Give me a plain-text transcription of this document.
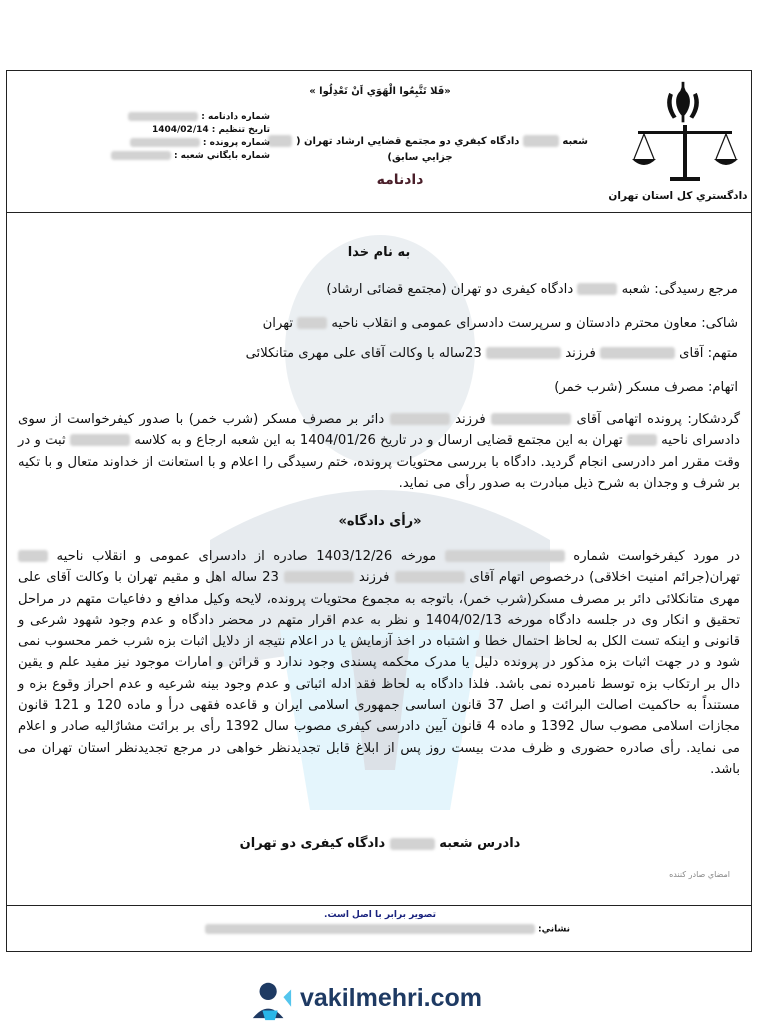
«فَلا تَتَّبِعُوا الْهَوَي اَنْ تَعْدِلُوا »
دادگستري کل استان تهران
شعبه  دادگاه کيفري دو مجتمع قضايي ارشاد تهران (
جزايي سابق)
دادنامه
شماره دادنامه :
تاريخ تنظيم : 1404/02/14
شماره پرونده :
شماره بايگاني شعبه :
به نام خدا
مرجع رسیدگی: شعبه  دادگاه کیفری دو تهران (مجتمع قضائی ارشاد)
شاکی: معاون محترم دادستان و سرپرست دادسرای عمومی و انقلاب ناحیه  تهران
متهم: آقای  فرزند  23ساله با وکالت آقای علی مهری متانکلائی
اتهام: مصرف مسکر (شرب خمر)
گردشکار: پرونده اتهامی آقای  فرزند  دائر بر مصرف مسکر (شرب خمر) با صدور کیفرخواست از سوی دادسرای ناحیه  تهران به این مجتمع قضایی ارسال و در تاریخ 1404/01/26 به این شعبه ارجاع و به کلاسه  ثبت و در وقت مقرر امر دادرسی انجام گردید. دادگاه با بررسی محتویات پرونده، ختم رسیدگی را اعلام و با استعانت از خداوند متعال و با تکیه بر شرف و وجدان به شرح ذیل مبادرت به صدور رأی می نماید.
«رأی دادگاه»
در مورد کیفرخواست شماره  مورخه 1403/12/26 صادره از دادسرای عمومی و انقلاب ناحیه  تهران(جرائم امنیت اخلاقی) درخصوص اتهام آقای  فرزند  23 ساله اهل و مقیم تهران با وکالت آقای علی مهری متانکلائی دائر بر مصرف مسکر(شرب خمر)، باتوجه به مجموع محتویات پرونده، لایحه وکیل مدافع و دفاعیات متهم در مراحل تحقیق و انکار وی در جلسه دادگاه مورخه 1404/02/13 و نظر به عدم اقرار متهم در محضر دادگاه و عدم وجود شهود شرعی و قانونی و اینکه تست الکل به لحاظ احتمال خطا و اشتباه در اخذ آزمایش یا در اعلام نتیجه از دلایل اثبات بزه شرب خمر محسوب نمی شود و در جهت اثبات بزه مذکور در پرونده دلیل یا مدرک محکمه پسندی وجود ندارد و قرائن و امارات موجود نیز مفید علم و یقین دال بر ارتکاب بزه توسط نامبرده نمی باشد. فلذا دادگاه به لحاظ فقد ادله اثباتی و عدم وجود بینه شرعیه و عدم احراز وقوع بزه و مستنداً به حاکمیت اصالت البرائت و اصل 37 قانون اساسی جمهوری اسلامی ایران و قاعده فقهی درأ و ماده 120 و 121 قانون مجازات اسلامی مصوب سال 1392 و ماده 4 قانون آیین دادرسی کیفری مصوب سال 1392 رأی بر برائت مشارٌالیه صادر و اعلام می نماید. رأی صادره حضوری و ظرف مدت بیست روز پس از ابلاغ قابل تجدیدنظر خواهی در مرجع تجدیدنظر استان تهران می باشد.
دادرس شعبه  دادگاه کیفری دو تهران
امضاي صادر كننده
تصوير برابر با اصل است.
نشاني:
vakilmehri.com
